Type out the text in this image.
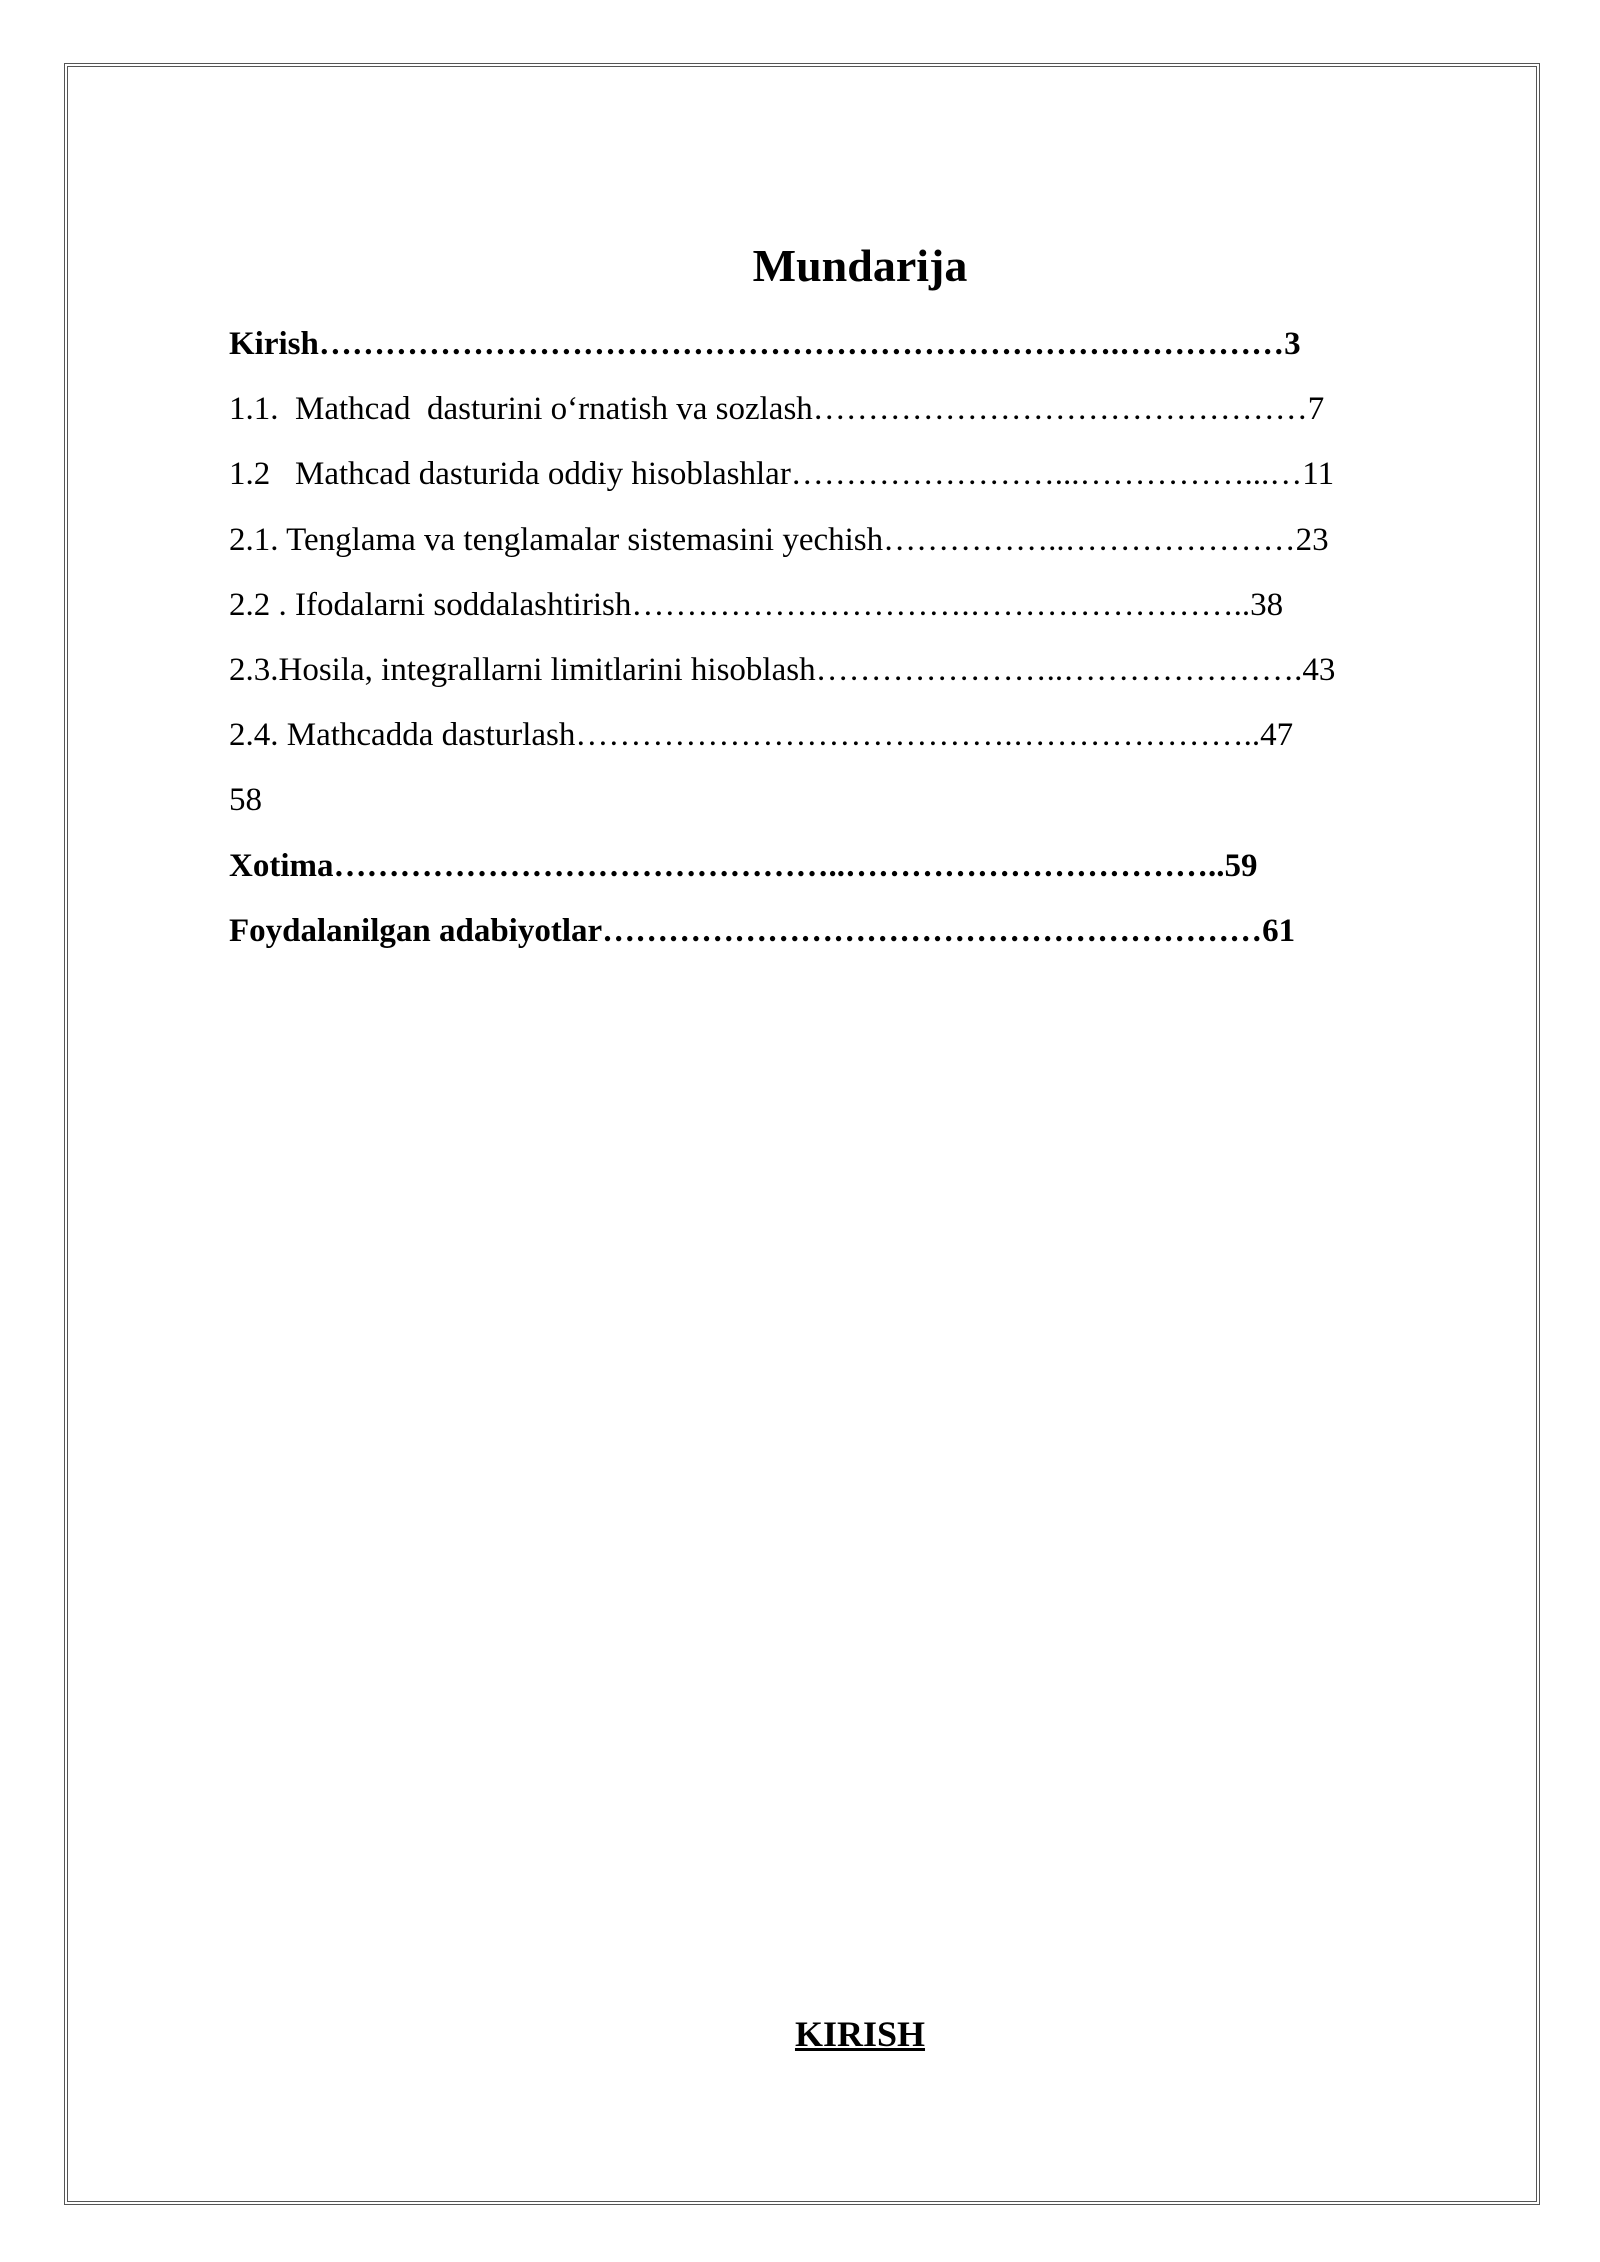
Mundarija
Kirish……………………………………………………………….……………3
1.1.  Mathcad  dasturini o‘rnatish va sozlash………………………………………7
1.2   Mathcad dasturida oddiy hisoblashlar……………………...……………...…11
2.1. Tenglama va tenglamalar sistemasini yechish……………..…………………23
2.2 . Ifodalarni soddalashtirish………………………….……………………..38
2.3.Hosila, integrallarni limitlarini hisoblash…………………..………………….43
2.4. Mathcadda dasturlash………………………………….…………………..47
58
Xotima………………………………………..……………………………..59
Foydalanilgan adabiyotlar……………………………………………………61
KIRISH
